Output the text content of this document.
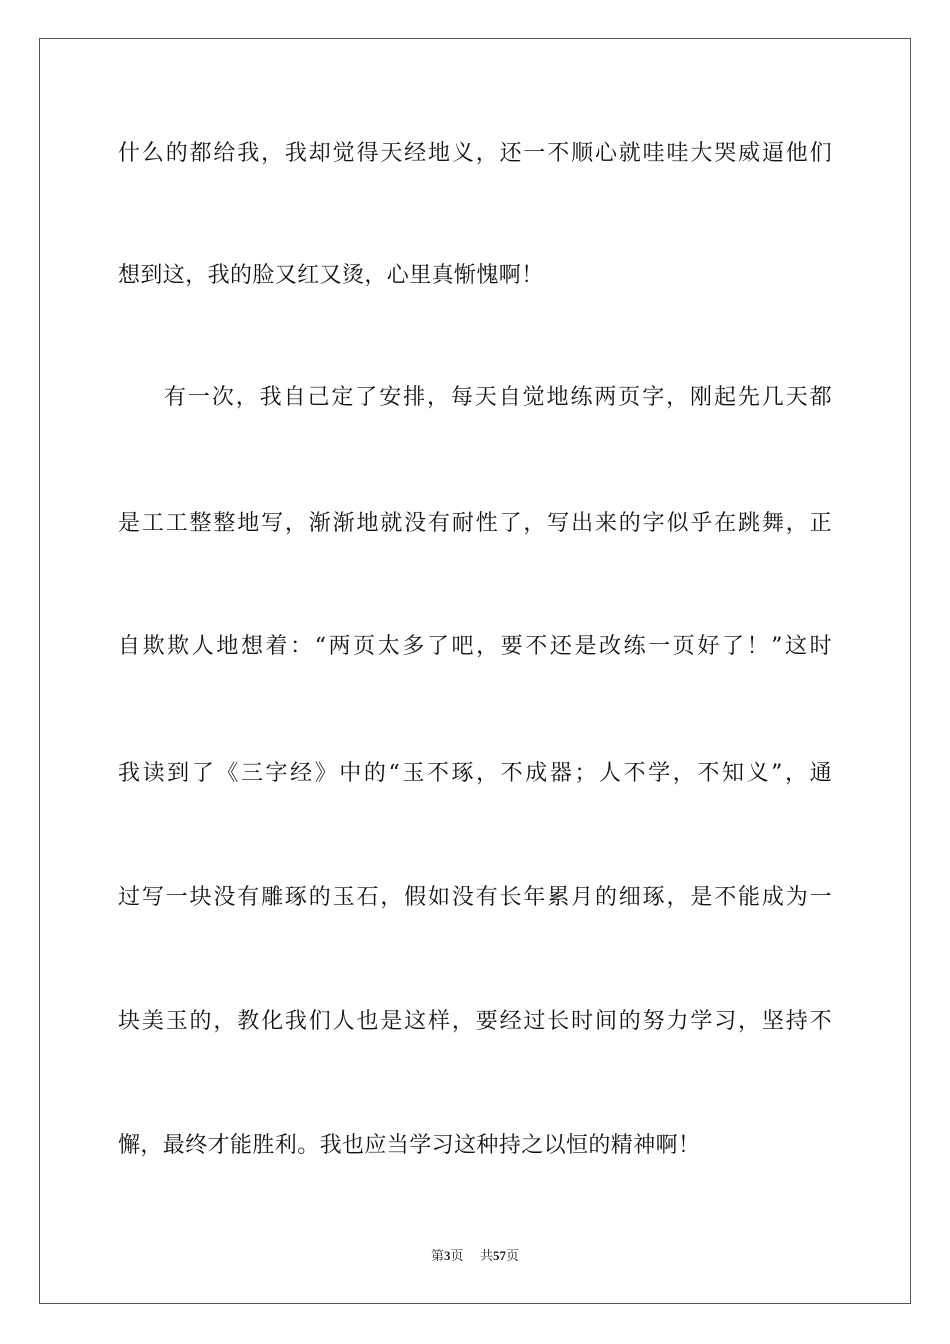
什么的都给我，我却觉得天经地义，还一不顺心就哇哇大哭威逼他们
想到这，我的脸又红又烫，心里真惭愧啊！
有一次，我自己定了安排，每天自觉地练两页字，刚起先几天都
是工工整整地写，渐渐地就没有耐性了，写出来的字似乎在跳舞，正
自欺欺人地想着：“两页太多了吧，要不还是改练一页好了！”这时
我读到了《三字经》中的“玉不琢，不成器；人不学，不知义”，通
过写一块没有雕琢的玉石，假如没有长年累月的细琢，是不能成为一
块美玉的，教化我们人也是这样，要经过长时间的努力学习，坚持不
懈，最终才能胜利。我也应当学习这种持之以恒的精神啊！
第3页 共57页
